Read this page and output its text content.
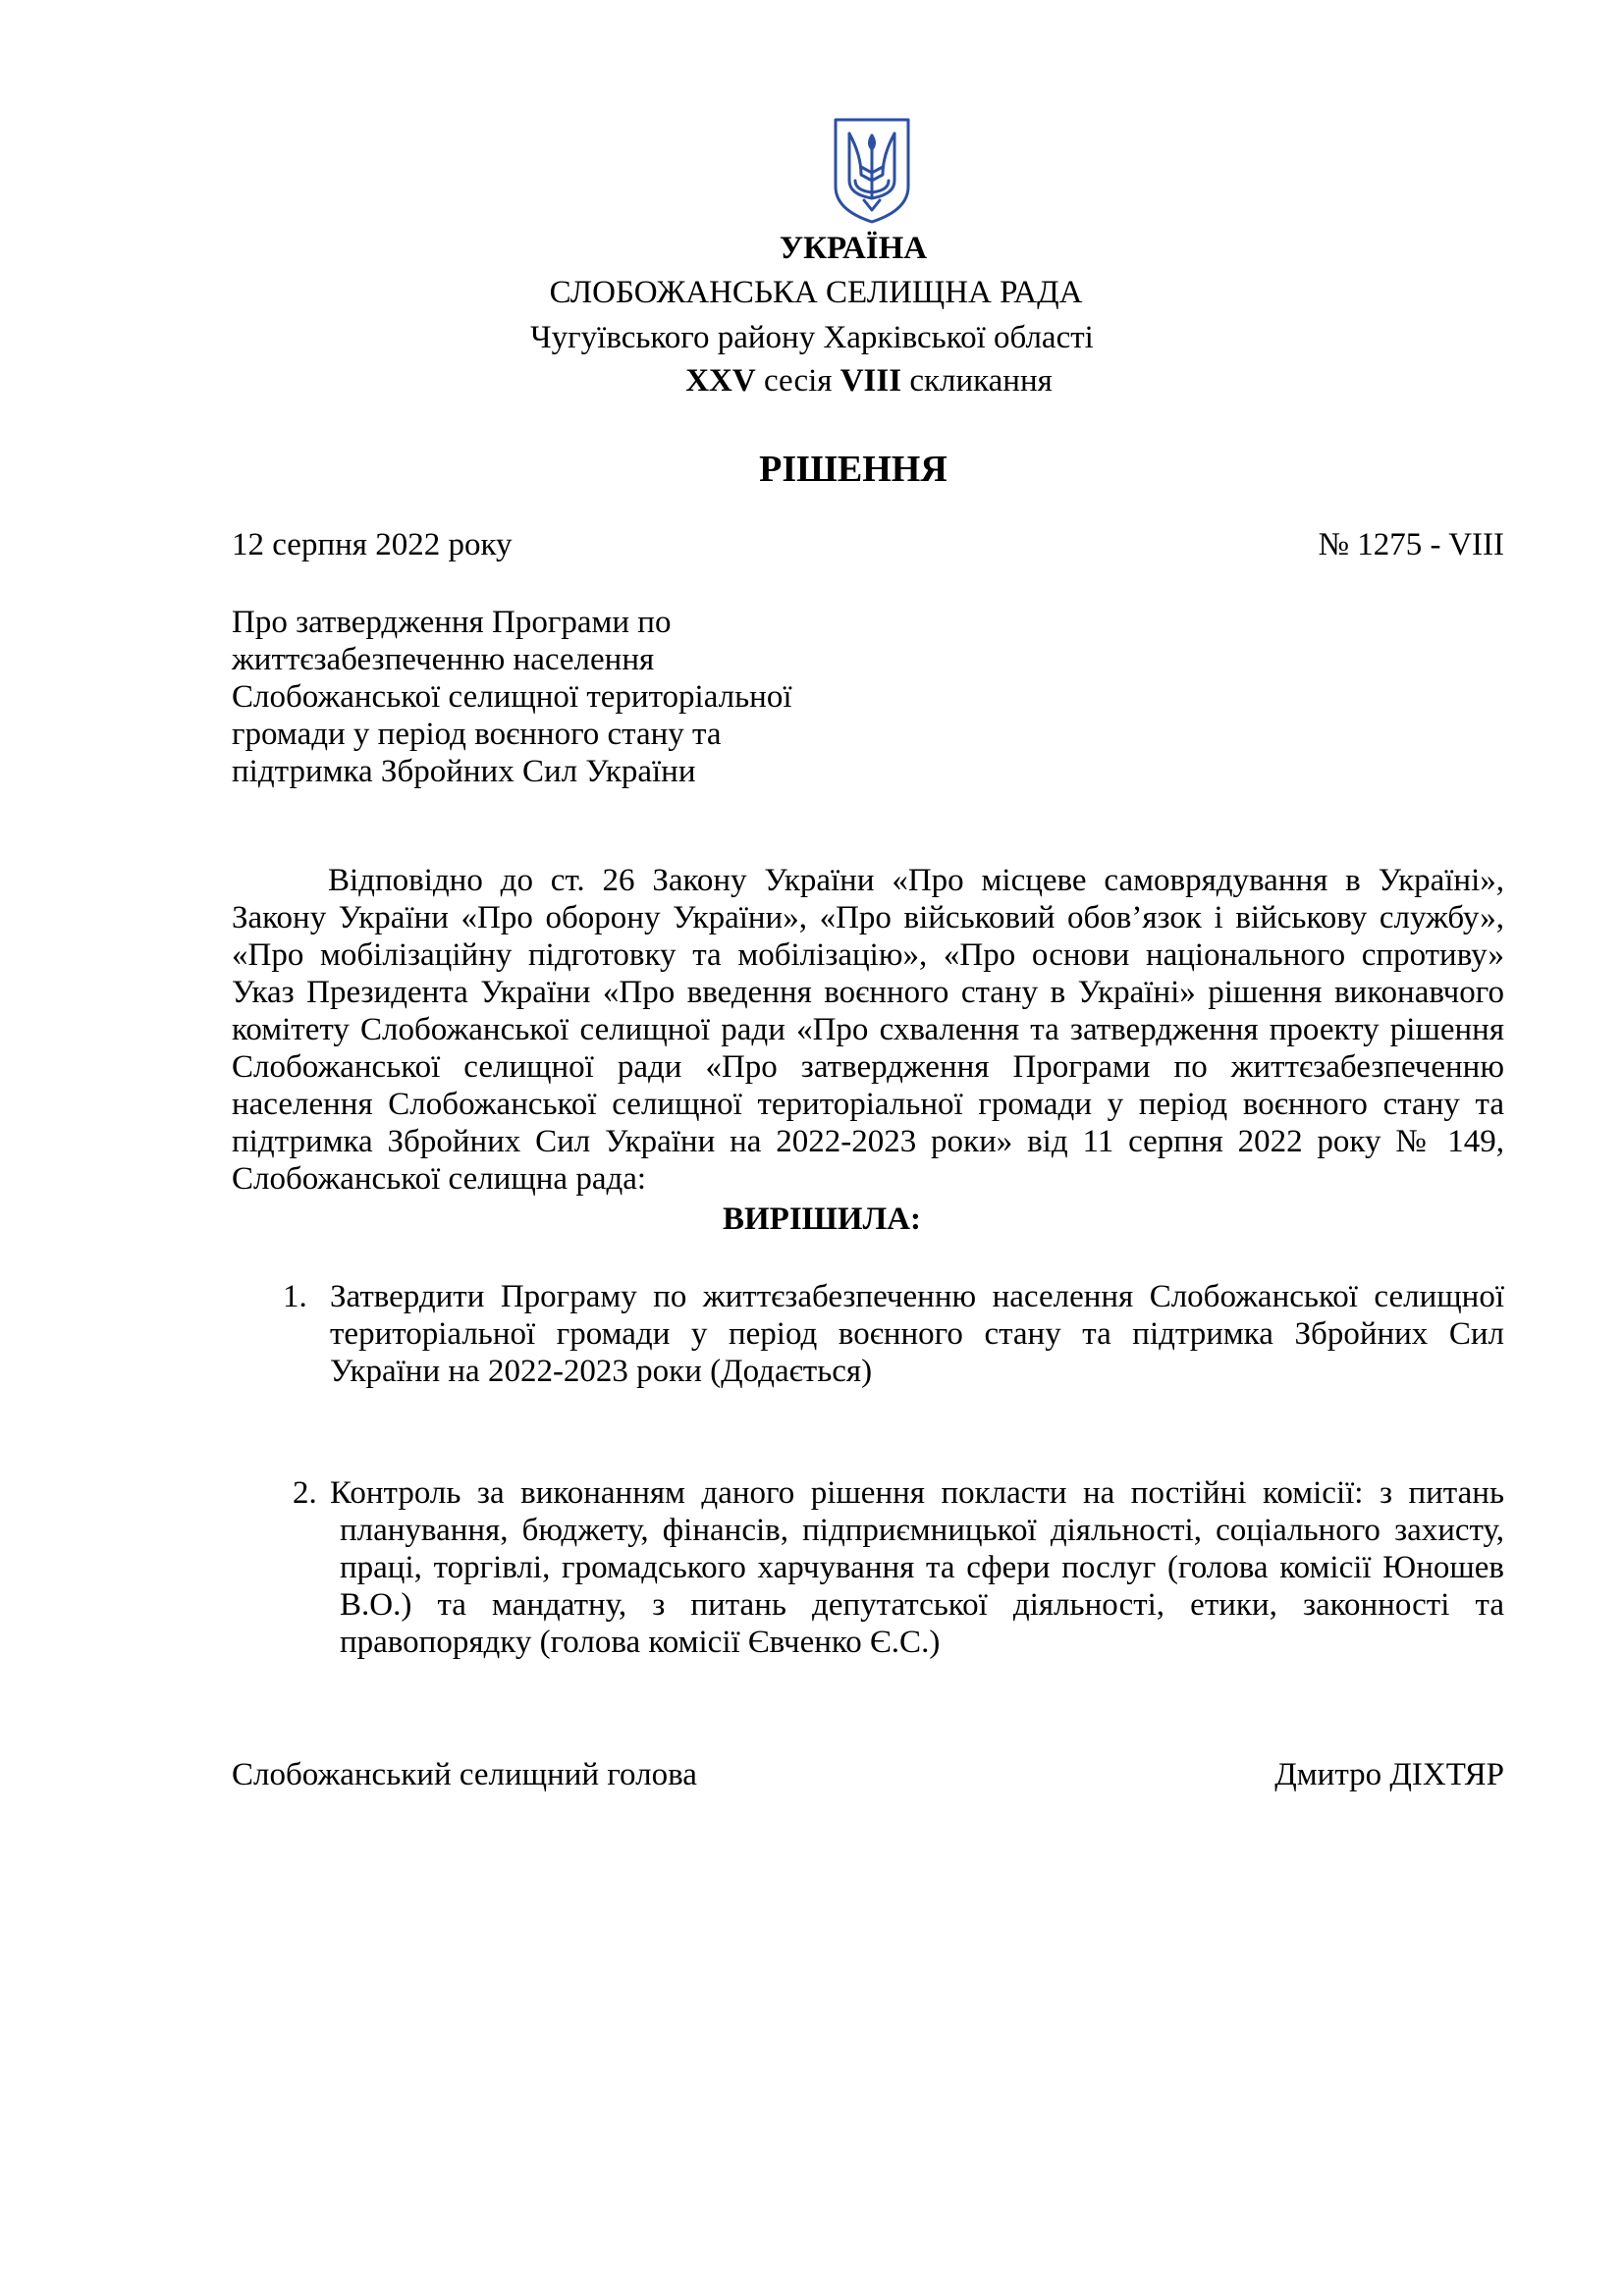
УКРАЇНА
СЛОБОЖАНСЬКА СЕЛИЩНА РАДА
Чугуївського району Харківської області
XXV сесія VIII скликання
РІШЕННЯ
12 серпня 2022 року	№ 1275 - VIII
Про затвердження Програми по
життєзабезпеченню населення
Слобожанської селищної територіальної
громади у період воєнного стану та
підтримка Збройних Сил України
Відповідно до ст. 26 Закону України «Про місцеве самоврядування в Україні»,
Закону України «Про оборону України», «Про військовий обов’язок і військову службу»,
«Про мобілізаційну підготовку та мобілізацію», «Про основи національного спротиву»
Указ Президента України «Про введення воєнного стану в Україні» рішення виконавчого
комітету Слобожанської селищної ради «Про схвалення та затвердження проекту рішення
Слобожанської селищної ради «Про затвердження Програми по життєзабезпеченню
населення Слобожанської селищної територіальної громади у період воєнного стану та
підтримка Збройних Сил України на 2022-2023 роки» від 11 серпня 2022 року № 149,
Слобожанської селищна рада:
ВИРІШИЛА:
1. Затвердити Програму по життєзабезпеченню населення Слобожанської селищної
територіальної громади у період воєнного стану та підтримка Збройних Сил
України на 2022-2023 роки (Додається)
2. Контроль за виконанням даного рішення покласти на постійні комісії: з питань
планування, бюджету, фінансів, підприємницької діяльності, соціального захисту,
праці, торгівлі, громадського харчування та сфери послуг (голова комісії Юношев
В.О.) та мандатну, з питань депутатської діяльності, етики, законності та
правопорядку (голова комісії Євченко Є.С.)
Слобожанський селищний голова	Дмитро ДІХТЯР
